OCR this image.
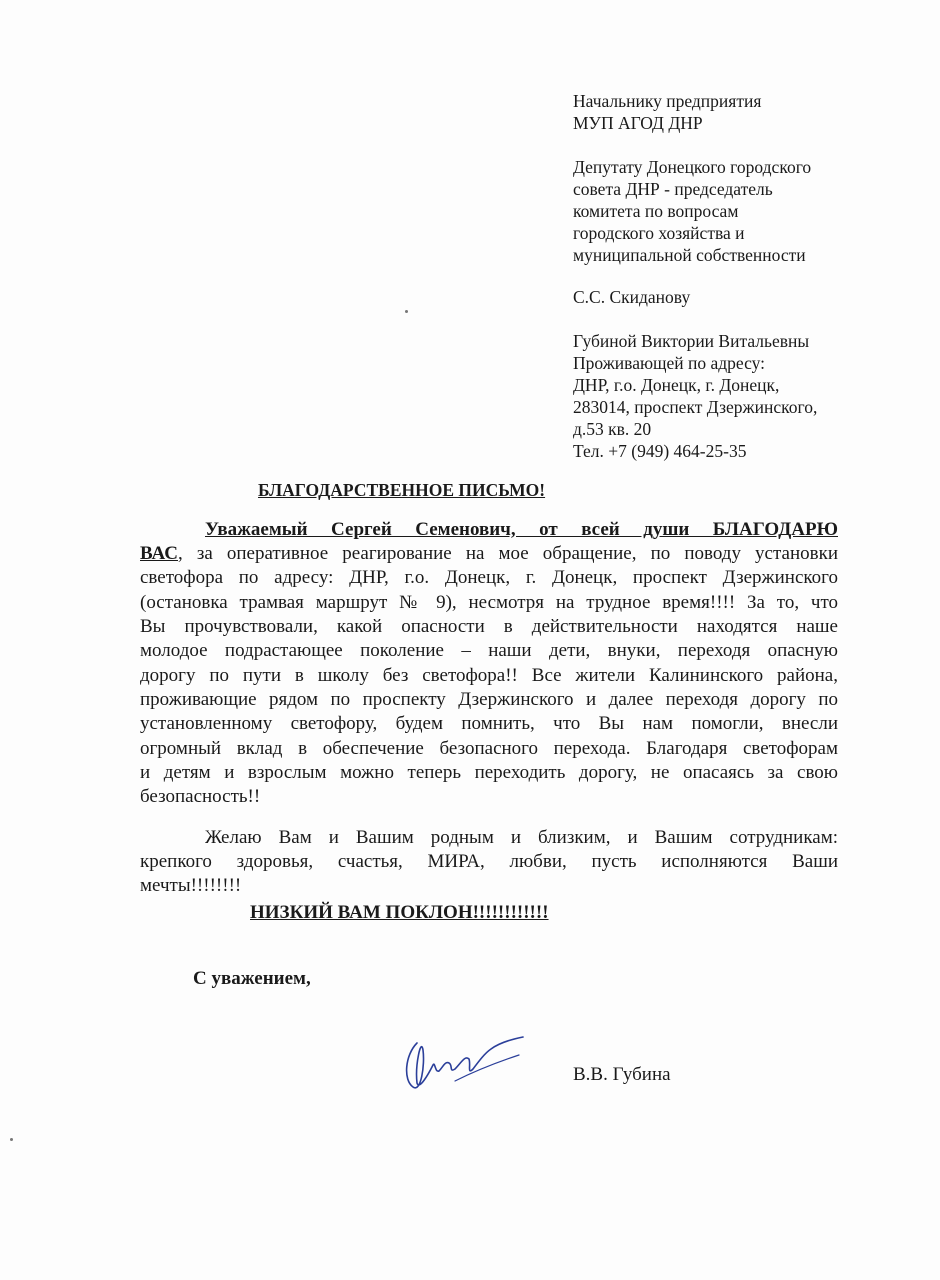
Начальнику предприятия
МУП АГОД ДНР
Депутату Донецкого городского
совета ДНР - председатель
комитета по вопросам
городского хозяйства и
муниципальной собственности
С.С. Скиданову
Губиной Виктории Витальевны
Проживающей по адресу:
ДНР, г.о. Донецк, г. Донецк,
283014, проспект Дзержинского,
д.53 кв. 20
Тел. +7 (949) 464-25-35
БЛАГОДАРСТВЕННОЕ ПИСЬМО!
Уважаемый Сергей Семенович, от всей души БЛАГОДАРЮ
ВАС, за оперативное реагирование на мое обращение, по поводу установки
светофора по адресу: ДНР, г.о. Донецк, г. Донецк, проспект Дзержинского
(остановка трамвая маршрут № 9), несмотря на трудное время!!!! За то, что
Вы прочувствовали, какой опасности в действительности находятся наше
молодое подрастающее поколение – наши дети, внуки, переходя опасную
дорогу по пути в школу без светофора!! Все жители Калининского района,
проживающие рядом по проспекту Дзержинского и далее переходя дорогу по
установленному светофору, будем помнить, что Вы нам помогли, внесли
огромный вклад в обеспечение безопасного перехода. Благодаря светофорам
и детям и взрослым можно теперь переходить дорогу, не опасаясь за свою
безопасность!!
Желаю Вам и Вашим родным и близким, и Вашим сотрудникам:
крепкого здоровья, счастья, МИРА, любви, пусть исполняются Ваши
мечты!!!!!!!!
НИЗКИЙ ВАМ ПОКЛОН!!!!!!!!!!!!
С уважением,
В.В. Губина
